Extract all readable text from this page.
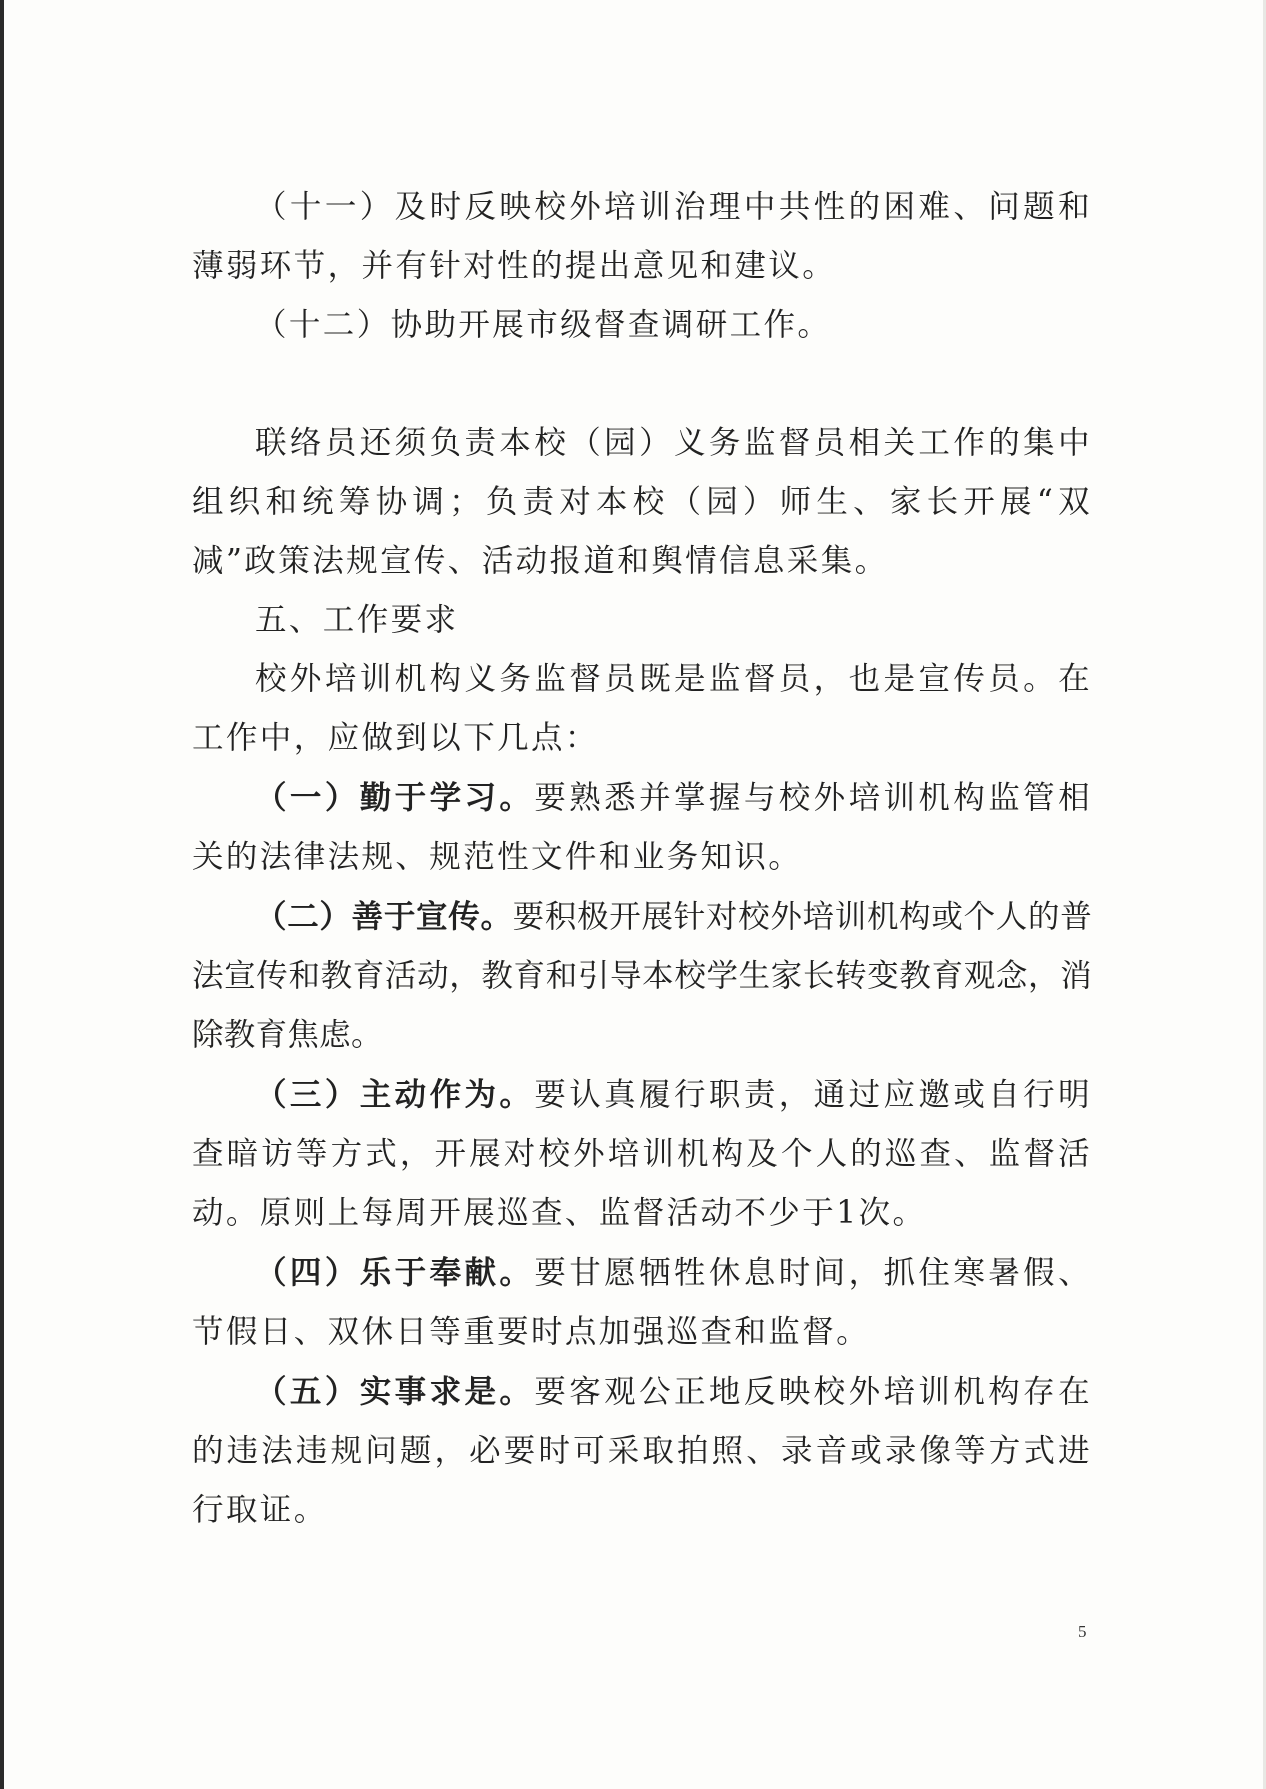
（十一）及时反映校外培训治理中共性的困难、问题和薄弱环节，并有针对性的提出意见和建议。

（十二）协助开展市级督查调研工作。

联络员还须负责本校（园）义务监督员相关工作的集中组织和统筹协调；负责对本校（园）师生、家长开展“双减”政策法规宣传、活动报道和舆情信息采集。

五、工作要求

校外培训机构义务监督员既是监督员，也是宣传员。在工作中，应做到以下几点：

（一）勤于学习。要熟悉并掌握与校外培训机构监管相关的法律法规、规范性文件和业务知识。

（二）善于宣传。要积极开展针对校外培训机构或个人的普法宣传和教育活动，教育和引导本校学生家长转变教育观念，消除教育焦虑。

（三）主动作为。要认真履行职责，通过应邀或自行明查暗访等方式，开展对校外培训机构及个人的巡查、监督活动。原则上每周开展巡查、监督活动不少于1次。

（四）乐于奉献。要甘愿牺牲休息时间，抓住寒暑假、节假日、双休日等重要时点加强巡查和监督。

（五）实事求是。要客观公正地反映校外培训机构存在的违法违规问题，必要时可采取拍照、录音或录像等方式进行取证。

5
